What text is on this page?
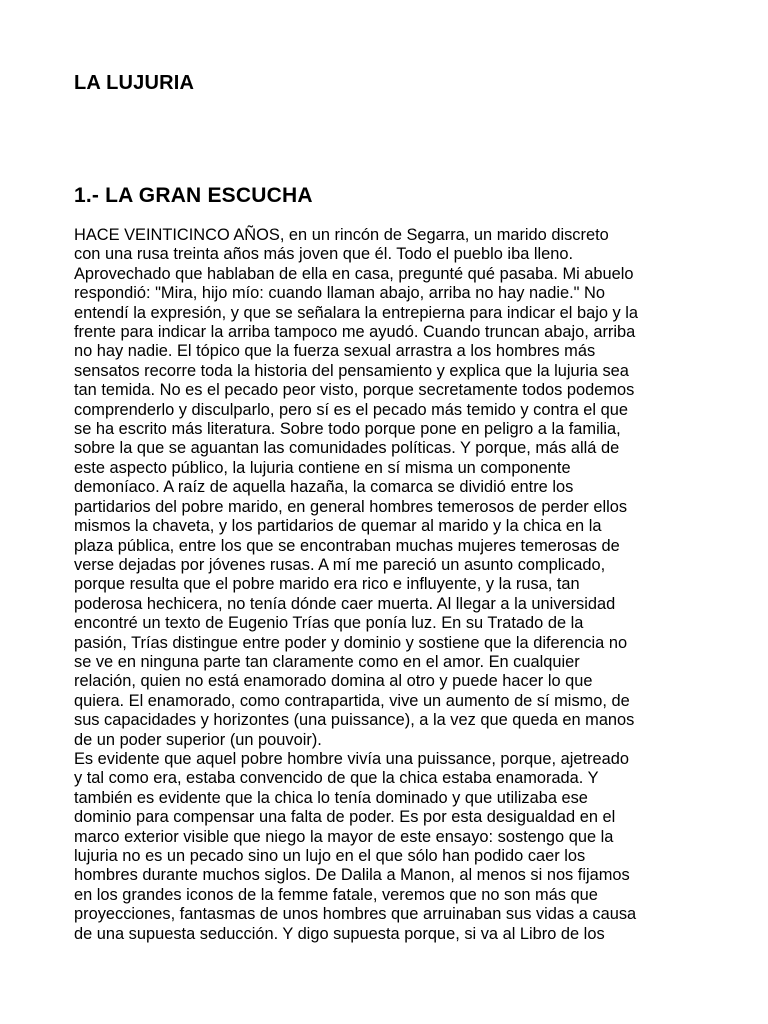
LA LUJURIA
1.- LA GRAN ESCUCHA
HACE VEINTICINCO AÑOS, en un rincón de Segarra, un marido discreto
con una rusa treinta años más joven que él. Todo el pueblo iba lleno.
Aprovechado que hablaban de ella en casa, pregunté qué pasaba. Mi abuelo
respondió: "Mira, hijo mío: cuando llaman abajo, arriba no hay nadie." No
entendí la expresión, y que se señalara la entrepierna para indicar el bajo y la
frente para indicar la arriba tampoco me ayudó. Cuando truncan abajo, arriba
no hay nadie. El tópico que la fuerza sexual arrastra a los hombres más
sensatos recorre toda la historia del pensamiento y explica que la lujuria sea
tan temida. No es el pecado peor visto, porque secretamente todos podemos
comprenderlo y disculparlo, pero sí es el pecado más temido y contra el que
se ha escrito más literatura. Sobre todo porque pone en peligro a la familia,
sobre la que se aguantan las comunidades políticas. Y porque, más allá de
este aspecto público, la lujuria contiene en sí misma un componente
demoníaco. A raíz de aquella hazaña, la comarca se dividió entre los
partidarios del pobre marido, en general hombres temerosos de perder ellos
mismos la chaveta, y los partidarios de quemar al marido y la chica en la
plaza pública, entre los que se encontraban muchas mujeres temerosas de
verse dejadas por jóvenes rusas. A mí me pareció un asunto complicado,
porque resulta que el pobre marido era rico e influyente, y la rusa, tan
poderosa hechicera, no tenía dónde caer muerta. Al llegar a la universidad
encontré un texto de Eugenio Trías que ponía luz. En su Tratado de la
pasión, Trías distingue entre poder y dominio y sostiene que la diferencia no
se ve en ninguna parte tan claramente como en el amor. En cualquier
relación, quien no está enamorado domina al otro y puede hacer lo que
quiera. El enamorado, como contrapartida, vive un aumento de sí mismo, de
sus capacidades y horizontes (una puissance), a la vez que queda en manos
de un poder superior (un pouvoir).
Es evidente que aquel pobre hombre vivía una puissance, porque, ajetreado
y tal como era, estaba convencido de que la chica estaba enamorada. Y
también es evidente que la chica lo tenía dominado y que utilizaba ese
dominio para compensar una falta de poder. Es por esta desigualdad en el
marco exterior visible que niego la mayor de este ensayo: sostengo que la
lujuria no es un pecado sino un lujo en el que sólo han podido caer los
hombres durante muchos siglos. De Dalila a Manon, al menos si nos fijamos
en los grandes iconos de la femme fatale, veremos que no son más que
proyecciones, fantasmas de unos hombres que arruinaban sus vidas a causa
de una supuesta seducción. Y digo supuesta porque, si va al Libro de los
